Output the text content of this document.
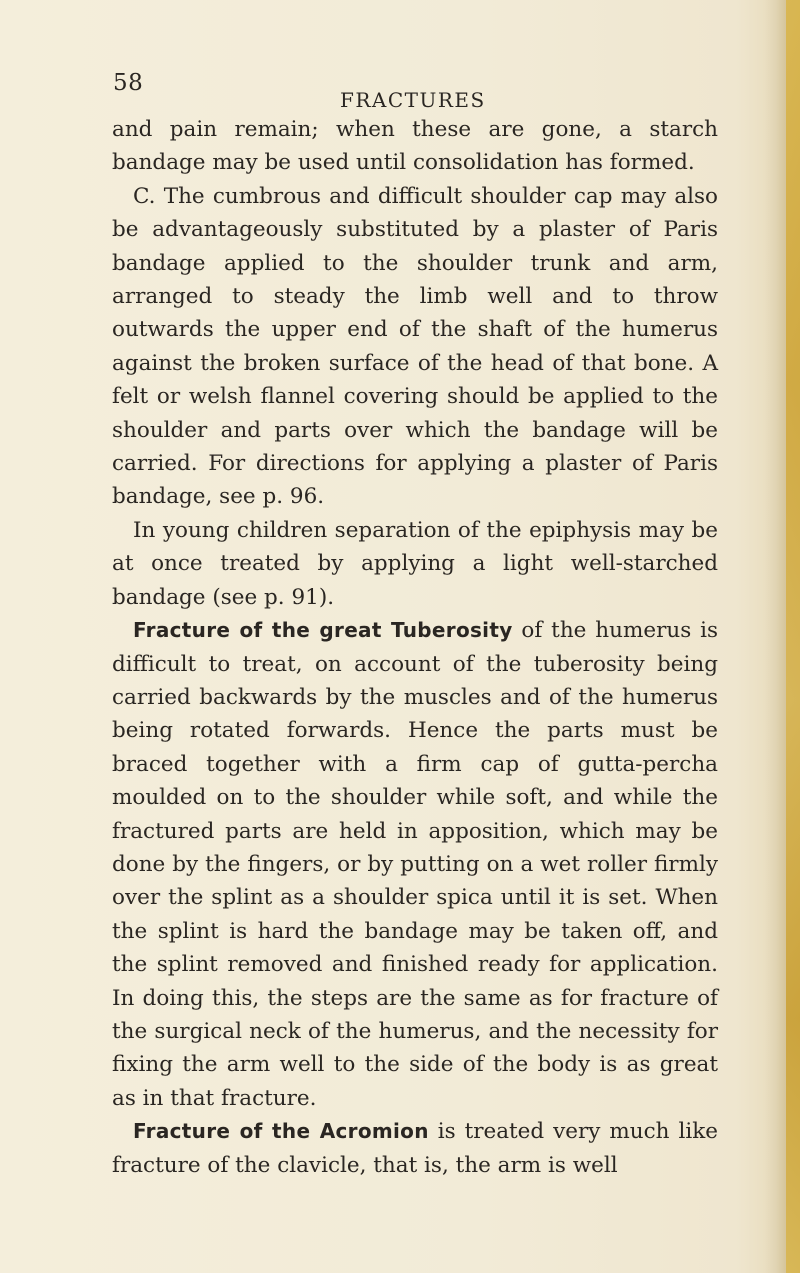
58
FRACTURES

and pain remain; when these are gone, a starch bandage may be used until consolidation has formed.

C. The cumbrous and difficult shoulder cap may also be advantageously substituted by a plaster of Paris bandage applied to the shoulder trunk and arm, arranged to steady the limb well and to throw outwards the upper end of the shaft of the humerus against the broken surface of the head of that bone. A felt or welsh flannel covering should be applied to the shoulder and parts over which the bandage will be carried. For directions for applying a plaster of Paris bandage, see p. 96.

In young children separation of the epiphysis may be at once treated by applying a light well-starched bandage (see p. 91).

Fracture of the great Tuberosity of the humerus is difficult to treat, on account of the tuberosity being carried backwards by the muscles and of the humerus being rotated forwards. Hence the parts must be braced together with a firm cap of gutta-percha moulded on to the shoulder while soft, and while the fractured parts are held in apposition, which may be done by the fingers, or by putting on a wet roller firmly over the splint as a shoulder spica until it is set. When the splint is hard the bandage may be taken off, and the splint removed and finished ready for application. In doing this, the steps are the same as for fracture of the surgical neck of the humerus, and the necessity for fixing the arm well to the side of the body is as great as in that fracture.

Fracture of the Acromion is treated very much like fracture of the clavicle, that is, the arm is well
